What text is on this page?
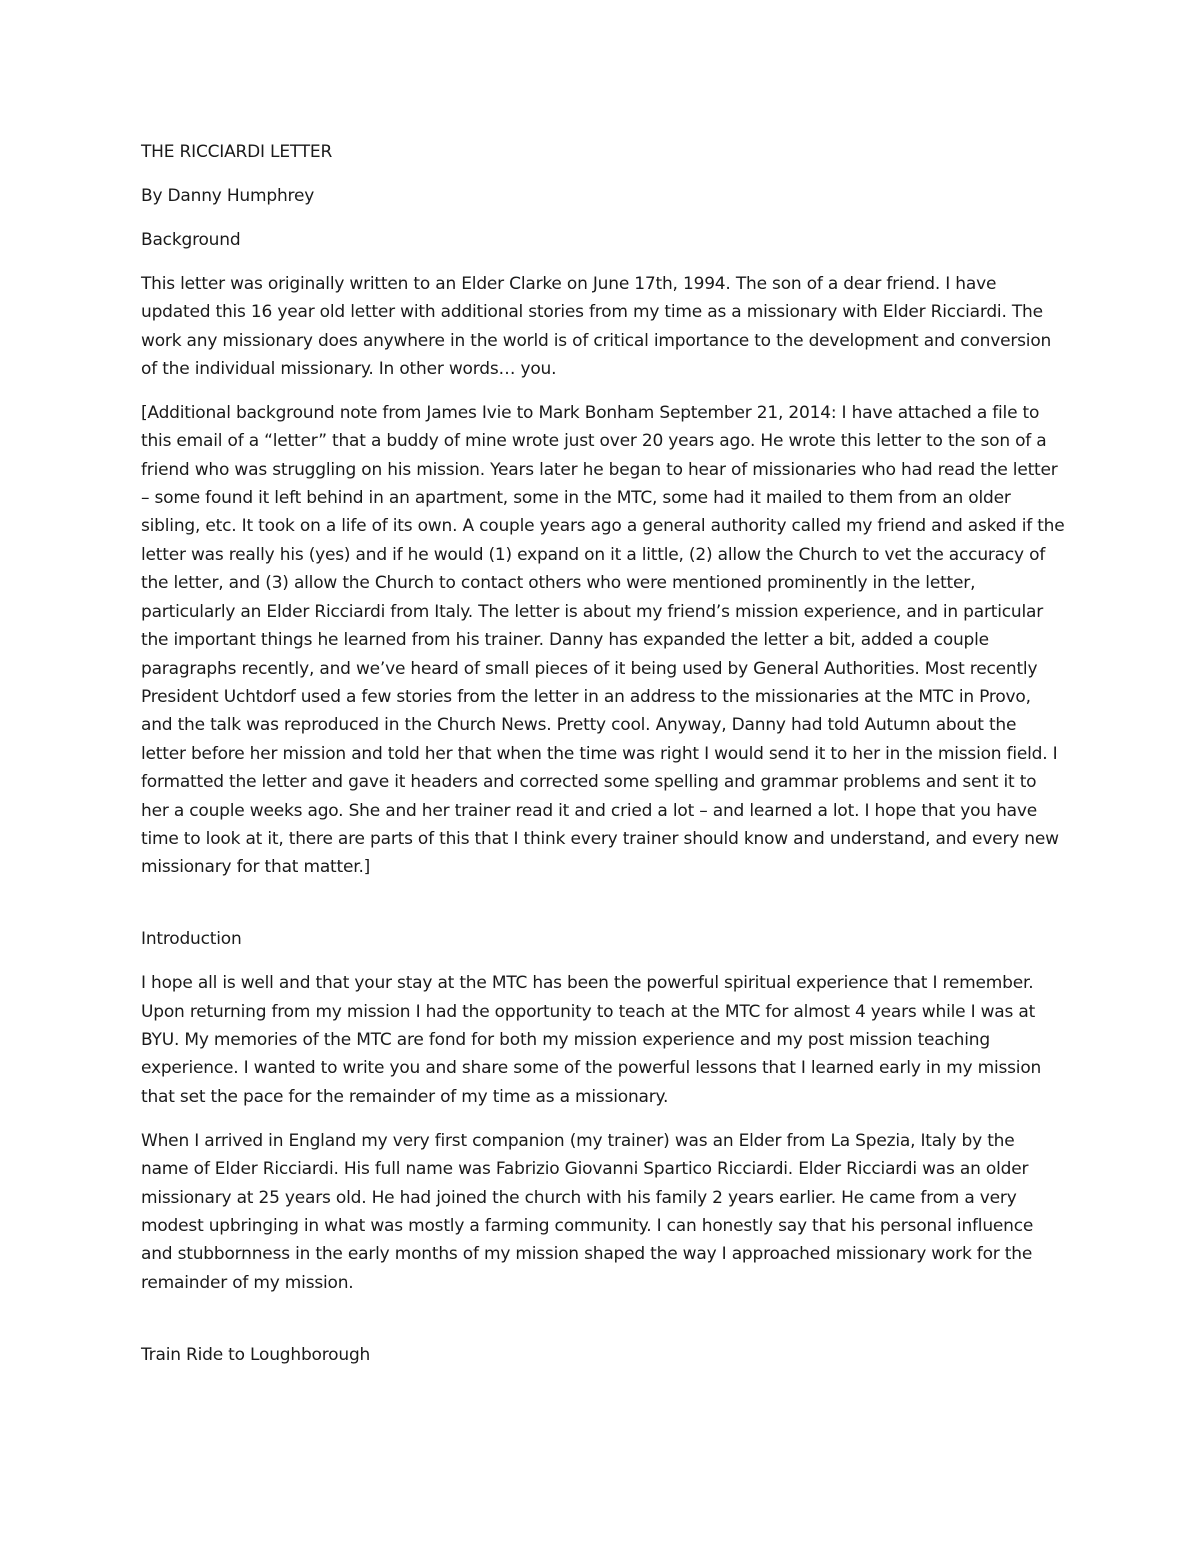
THE RICCIARDI LETTER

By Danny Humphrey

Background

This letter was originally written to an Elder Clarke on June 17th, 1994. The son of a dear friend. I have updated this 16 year old letter with additional stories from my time as a missionary with Elder Ricciardi. The work any missionary does anywhere in the world is of critical importance to the development and conversion of the individual missionary. In other words… you.

[Additional background note from James Ivie to Mark Bonham September 21, 2014: I have attached a file to this email of a “letter” that a buddy of mine wrote just over 20 years ago. He wrote this letter to the son of a friend who was struggling on his mission. Years later he began to hear of missionaries who had read the letter – some found it left behind in an apartment, some in the MTC, some had it mailed to them from an older sibling, etc. It took on a life of its own. A couple years ago a general authority called my friend and asked if the letter was really his (yes) and if he would (1) expand on it a little, (2) allow the Church to vet the accuracy of the letter, and (3) allow the Church to contact others who were mentioned prominently in the letter, particularly an Elder Ricciardi from Italy. The letter is about my friend’s mission experience, and in particular the important things he learned from his trainer. Danny has expanded the letter a bit, added a couple paragraphs recently, and we’ve heard of small pieces of it being used by General Authorities. Most recently President Uchtdorf used a few stories from the letter in an address to the missionaries at the MTC in Provo, and the talk was reproduced in the Church News. Pretty cool. Anyway, Danny had told Autumn about the letter before her mission and told her that when the time was right I would send it to her in the mission field. I formatted the letter and gave it headers and corrected some spelling and grammar problems and sent it to her a couple weeks ago. She and her trainer read it and cried a lot – and learned a lot. I hope that you have time to look at it, there are parts of this that I think every trainer should know and understand, and every new missionary for that matter.]

Introduction

I hope all is well and that your stay at the MTC has been the powerful spiritual experience that I remember. Upon returning from my mission I had the opportunity to teach at the MTC for almost 4 years while I was at BYU. My memories of the MTC are fond for both my mission experience and my post mission teaching experience. I wanted to write you and share some of the powerful lessons that I learned early in my mission that set the pace for the remainder of my time as a missionary.

When I arrived in England my very first companion (my trainer) was an Elder from La Spezia, Italy by the name of Elder Ricciardi. His full name was Fabrizio Giovanni Spartico Ricciardi. Elder Ricciardi was an older missionary at 25 years old. He had joined the church with his family 2 years earlier. He came from a very modest upbringing in what was mostly a farming community. I can honestly say that his personal influence and stubbornness in the early months of my mission shaped the way I approached missionary work for the remainder of my mission.

Train Ride to Loughborough
